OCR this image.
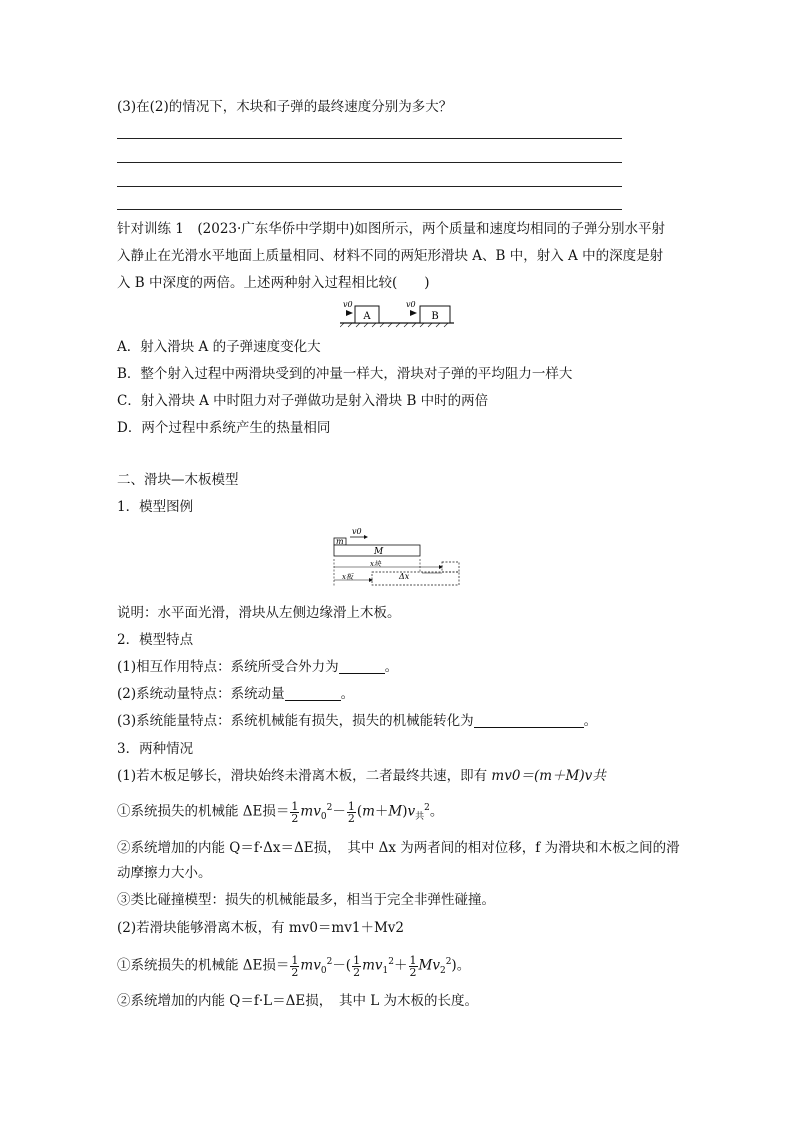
(3)在(2)的情况下，木块和子弹的最终速度分别为多大？
针对训练 1　(2023·广东华侨中学期中)如图所示，两个质量和速度均相同的子弹分别水平射
入静止在光滑水平地面上质量相同、材料不同的两矩形滑块 A、B 中，射入 A 中的深度是射
入 B 中深度的两倍。上述两种射入过程相比较(　　)
v0	v0
A	B
A．射入滑块 A 的子弹速度变化大
B．整个射入过程中两滑块受到的冲量一样大，滑块对子弹的平均阻力一样大
C．射入滑块 A 中时阻力对子弹做功是射入滑块 B 中时的两倍
D．两个过程中系统产生的热量相同
二、滑块—木板模型
1．模型图例
m
v0
M
x块
x板	Δx
说明：水平面光滑，滑块从左侧边缘滑上木板。
2．模型特点
(1)相互作用特点：系统所受合外力为	。
(2)系统动量特点：系统动量	。
(3)系统能量特点：系统机械能有损失，损失的机械能转化为	。
3．两种情况
(1)若木板足够长，滑块始终未滑离木板，二者最终共速，即有 mv0＝(m＋M)v共
①系统损失的机械能 ΔE损＝ $\frac{1}{2} mv_0^2- \frac{1}{2} (m+M)v_共^2$。
②系统增加的内能 Q＝f·Δx＝ΔE损，　其中 Δx 为两者间的相对位移，f 为滑块和木板之间的滑
动摩擦力大小。
③类比碰撞模型：损失的机械能最多，相当于完全非弹性碰撞。
(2)若滑块能够滑离木板，有 mv0＝mv1＋Mv2
①系统损失的机械能 ΔE损＝ $\frac{1}{2} mv_0^2-( \frac{1}{2} mv_1^2+ \frac{1}{2} Mv_2^2)$。
②系统增加的内能 Q＝f·L＝ΔE损，　其中 L 为木板的长度。
